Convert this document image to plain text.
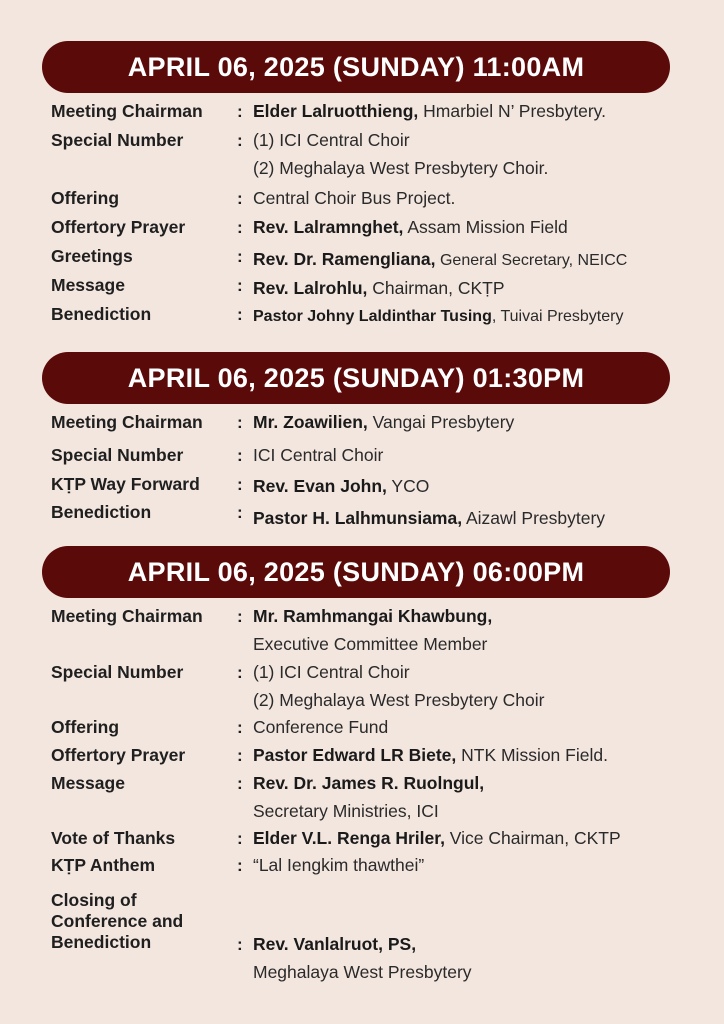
APRIL 06, 2025 (SUNDAY) 11:00AM
Meeting Chairman	: Elder Lalruotthieng, Hmarbiel N’ Presbytery.
Special Number	: (1) ICI Central Choir
(2) Meghalaya West Presbytery Choir.
Offering	: Central Choir Bus Project.
Offertory Prayer	: Rev. Lalramnghet, Assam Mission Field
Greetings	: Rev. Dr. Ramengliana, General Secretary, NEICC
Message	: Rev. Lalrohlu, Chairman, CKṬP
Benediction	: Pastor Johny Laldinthar Tusing, Tuivai Presbytery
APRIL 06, 2025 (SUNDAY) 01:30PM
Meeting Chairman	: Mr. Zoawilien, Vangai Presbytery
Special Number	: ICI Central Choir
KṬP Way Forward	: Rev. Evan John, YCO
Benediction	: Pastor H. Lalhmunsiama, Aizawl Presbytery
APRIL 06, 2025 (SUNDAY) 06:00PM
Meeting Chairman	: Mr. Ramhmangai Khawbung,
Executive Committee Member
Special Number	: (1) ICI Central Choir
(2) Meghalaya West Presbytery Choir
Offering	: Conference Fund
Offertory Prayer	: Pastor Edward LR Biete, NTK Mission Field.
Message	: Rev. Dr. James R. Ruolngul,
Secretary Ministries, ICI
Vote of Thanks	: Elder V.L. Renga Hriler, Vice Chairman, CKTP
KṬP Anthem	: “Lal Iengkim thawthei”
Closing of Conference and Benediction	: Rev. Vanlalruot, PS,
Meghalaya West Presbytery
